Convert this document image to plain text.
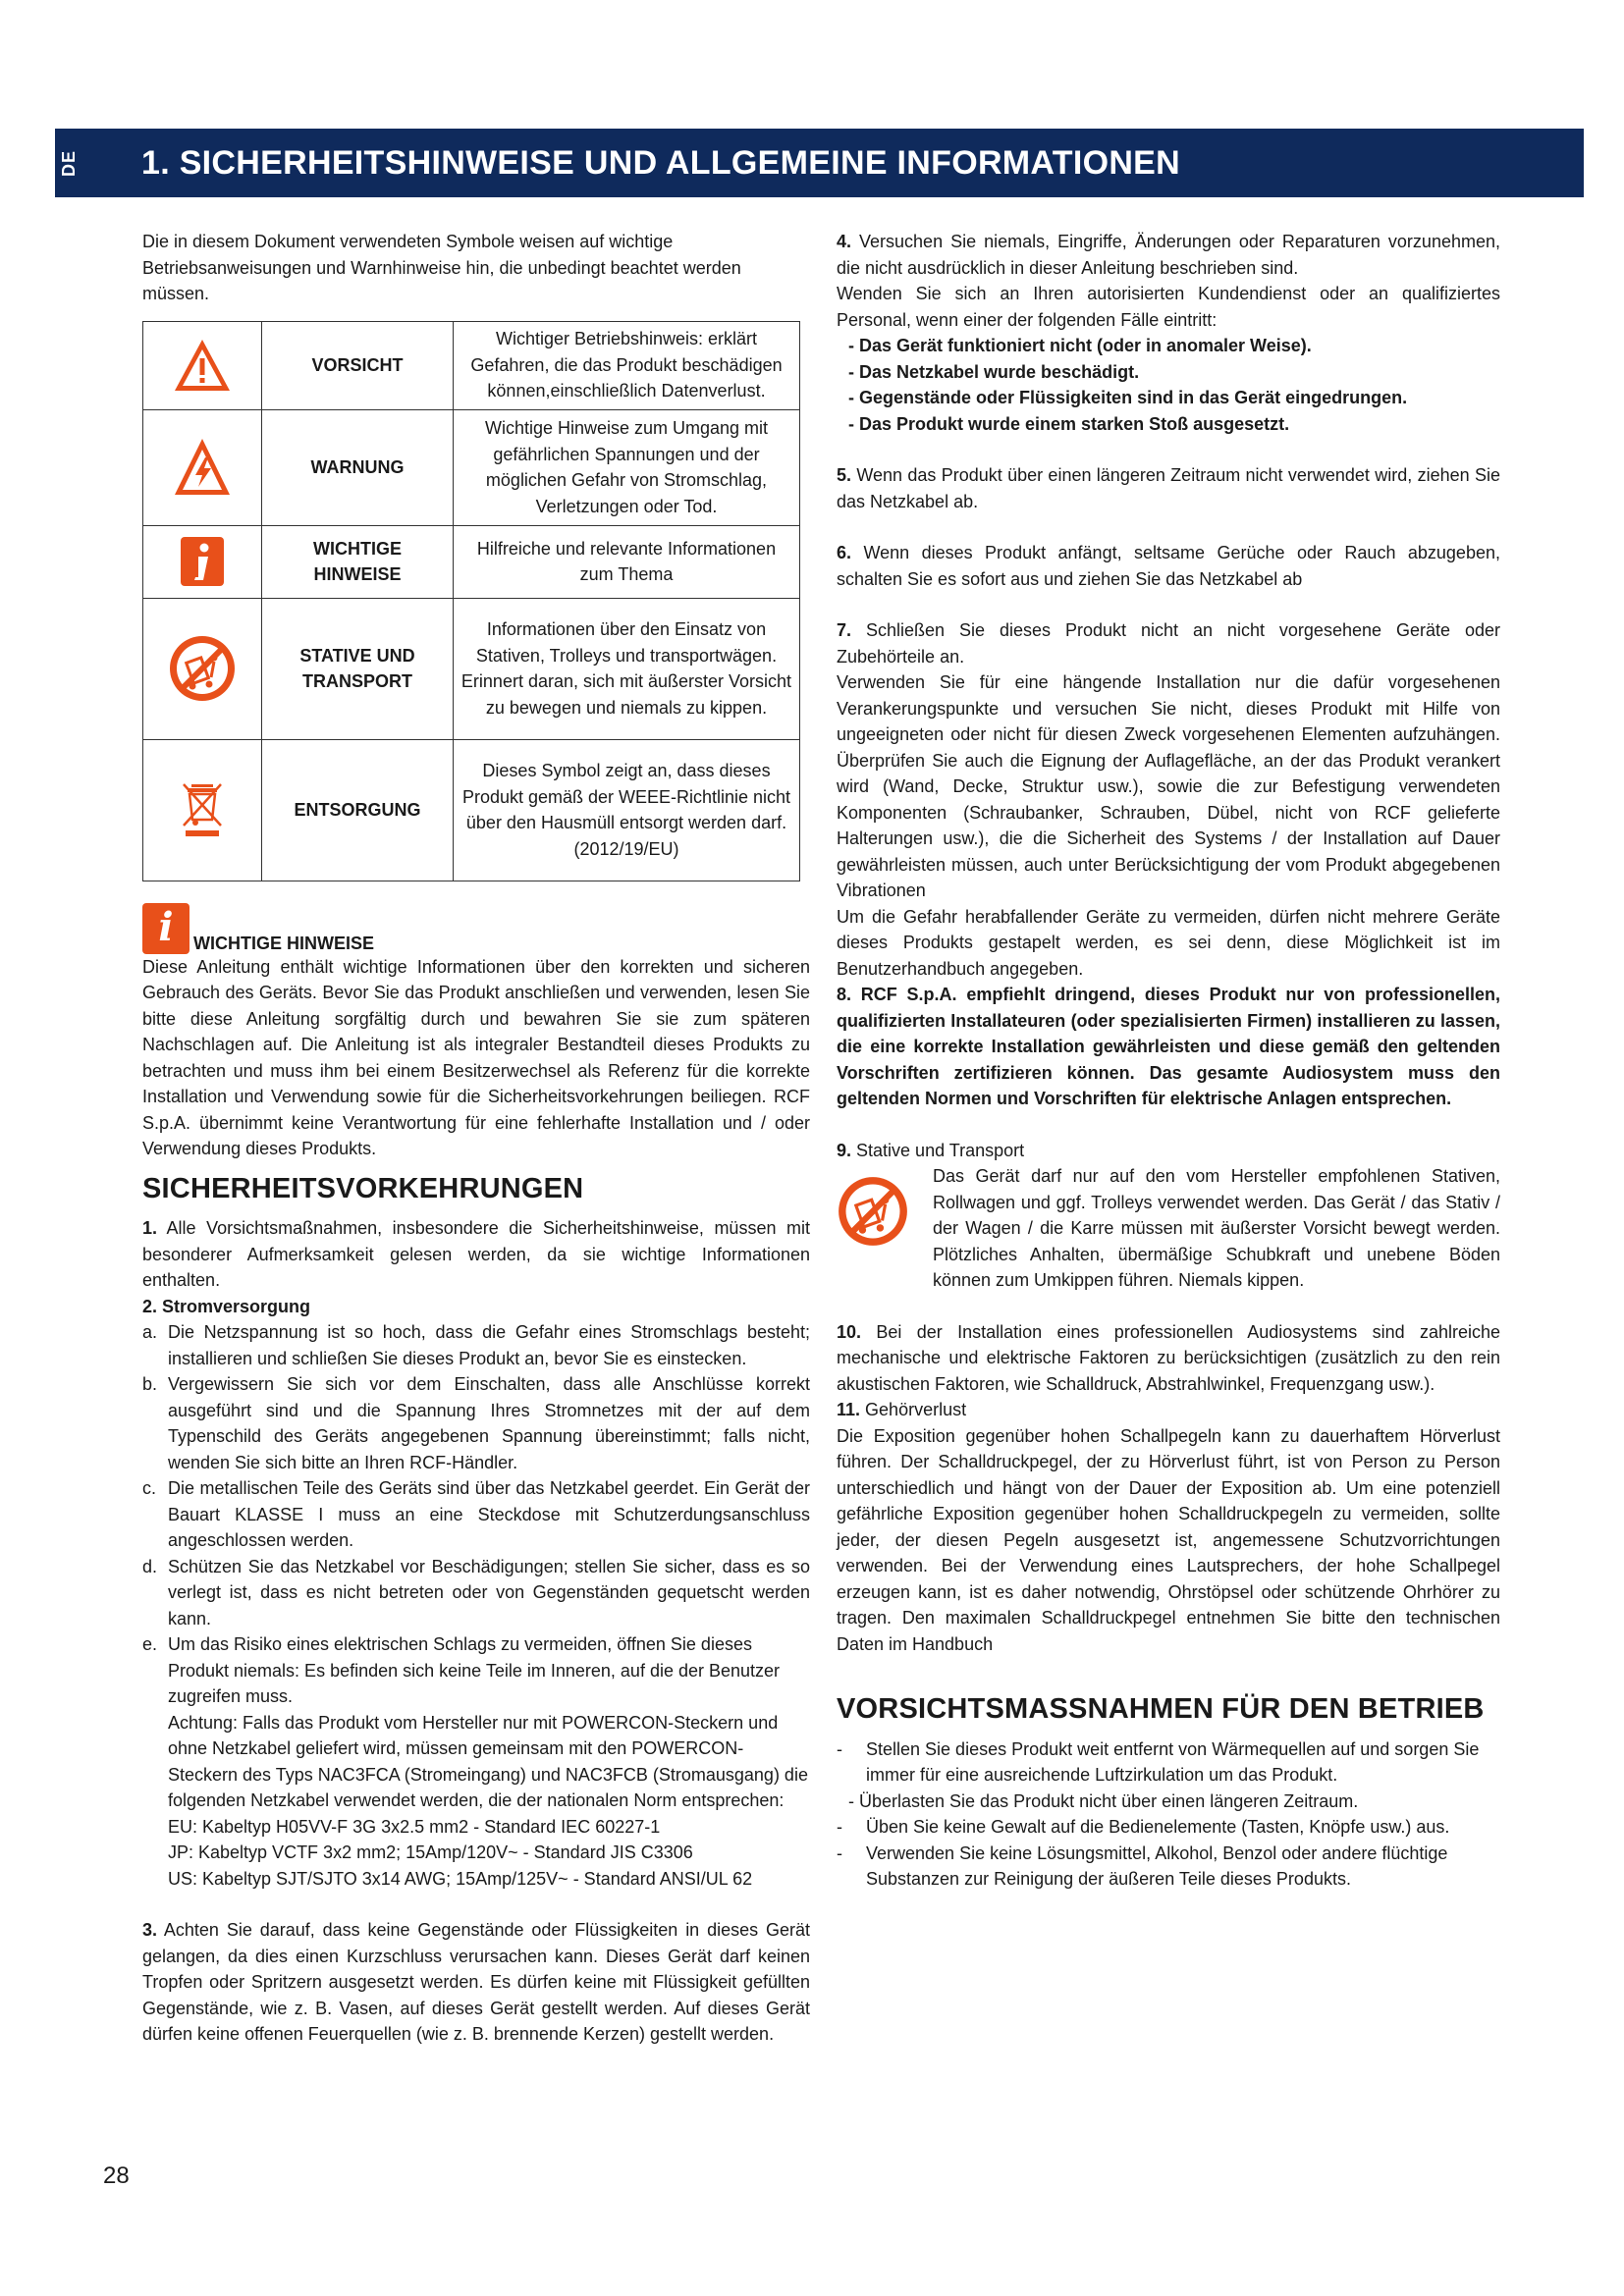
DE 1. SICHERHEITSHINWEISE UND ALLGEMEINE INFORMATIONEN

Die in diesem Dokument verwendeten Symbole weisen auf wichtige Betriebsanweisungen und Warnhinweise hin, die unbedingt beachtet werden müssen.

	VORSICHT	Wichtiger Betriebshinweis: erklärt Gefahren, die das Produkt beschädigen können,einschließlich Datenverlust.

	WARNUNG	Wichtige Hinweise zum Umgang mit gefährlichen Spannungen und der möglichen Gefahr von Stromschlag, Verletzungen oder Tod.

	WICHTIGE HINWEISE	Hilfreiche und relevante Informationen zum Thema

	STATIVE UND TRANSPORT	Informationen über den Einsatz von Stativen, Trolleys und transportwägen. Erinnert daran, sich mit äußerster Vorsicht zu bewegen und niemals zu kippen.

	ENTSORGUNG	Dieses Symbol zeigt an, dass dieses Produkt gemäß der WEEE-Richtlinie nicht über den Hausmüll entsorgt werden darf. (2012/19/EU)
i	WICHTIGE HINWEISE

Diese Anleitung enthält wichtige Informationen über den korrekten und sicheren Gebrauch des Geräts. Bevor Sie das Produkt anschließen und verwenden, lesen Sie bitte diese Anleitung sorgfältig durch und bewahren Sie sie zum späteren Nachschlagen auf. Die Anleitung ist als integraler Bestandteil dieses Produkts zu betrachten und muss ihm bei einem Besitzerwechsel als Referenz für die korrekte Installation und Verwendung sowie für die Sicherheitsvorkehrungen beiliegen. RCF S.p.A. übernimmt keine Verantwortung für eine fehlerhafte Installation und / oder Verwendung dieses Produkts.

SICHERHEITSVORKEHRUNGEN

1. Alle Vorsichtsmaßnahmen, insbesondere die Sicherheitshinweise, müssen mit besonderer Aufmerksamkeit gelesen werden, da sie wichtige Informationen enthalten.

2. Stromversorgung

a. Die Netzspannung ist so hoch, dass die Gefahr eines Stromschlags besteht; installieren und schließen Sie dieses Produkt an, bevor Sie es einstecken.
b. Vergewissern Sie sich vor dem Einschalten, dass alle Anschlüsse korrekt ausgeführt sind und die Spannung Ihres Stromnetzes mit der auf dem Typenschild des Geräts angegebenen Spannung übereinstimmt; falls nicht, wenden Sie sich bitte an Ihren RCF-Händler.
c. Die metallischen Teile des Geräts sind über das Netzkabel geerdet. Ein Gerät der Bauart KLASSE I muss an eine Steckdose mit Schutzerdungsanschluss angeschlossen werden.
d. Schützen Sie das Netzkabel vor Beschädigungen; stellen Sie sicher, dass es so verlegt ist, dass es nicht betreten oder von Gegenständen gequetscht werden kann.
e. Um das Risiko eines elektrischen Schlags zu vermeiden, öffnen Sie dieses Produkt niemals: Es befinden sich keine Teile im Inneren, auf die der Benutzer zugreifen muss.
Achtung: Falls das Produkt vom Hersteller nur mit POWERCON-Steckern und ohne Netzkabel geliefert wird, müssen gemeinsam mit den POWERCON-Steckern des Typs NAC3FCA (Stromeingang) und NAC3FCB (Stromausgang) die folgenden Netzkabel verwendet werden, die der nationalen Norm entsprechen:
EU: Kabeltyp H05VV-F 3G 3x2.5 mm2 - Standard IEC 60227-1
JP: Kabeltyp VCTF 3x2 mm2; 15Amp/120V~ - Standard JIS C3306
US: Kabeltyp SJT/SJTO 3x14 AWG; 15Amp/125V~ - Standard ANSI/UL 62

3. Achten Sie darauf, dass keine Gegenstände oder Flüssigkeiten in dieses Gerät gelangen, da dies einen Kurzschluss verursachen kann. Dieses Gerät darf keinen Tropfen oder Spritzern ausgesetzt werden. Es dürfen keine mit Flüssigkeit gefüllten Gegenstände, wie z. B. Vasen, auf dieses Gerät gestellt werden. Auf dieses Gerät dürfen keine offenen Feuerquellen (wie z. B. brennende Kerzen) gestellt werden.

4. Versuchen Sie niemals, Eingriffe, Änderungen oder Reparaturen vorzunehmen, die nicht ausdrücklich in dieser Anleitung beschrieben sind.

Wenden Sie sich an Ihren autorisierten Kundendienst oder an qualifiziertes Personal, wenn einer der folgenden Fälle eintritt:

- Das Gerät funktioniert nicht (oder in anomaler Weise).
- Das Netzkabel wurde beschädigt.
- Gegenstände oder Flüssigkeiten sind in das Gerät eingedrungen.
- Das Produkt wurde einem starken Stoß ausgesetzt.

5. Wenn das Produkt über einen längeren Zeitraum nicht verwendet wird, ziehen Sie das Netzkabel ab.

6. Wenn dieses Produkt anfängt, seltsame Gerüche oder Rauch abzugeben, schalten Sie es sofort aus und ziehen Sie das Netzkabel ab

7. Schließen Sie dieses Produkt nicht an nicht vorgesehene Geräte oder Zubehörteile an.

Verwenden Sie für eine hängende Installation nur die dafür vorgesehenen Verankerungspunkte und versuchen Sie nicht, dieses Produkt mit Hilfe von ungeeigneten oder nicht für diesen Zweck vorgesehenen Elementen aufzuhängen. Überprüfen Sie auch die Eignung der Auflagefläche, an der das Produkt verankert wird (Wand, Decke, Struktur usw.), sowie die zur Befestigung verwendeten Komponenten (Schraubanker, Schrauben, Dübel, nicht von RCF gelieferte Halterungen usw.), die die Sicherheit des Systems / der Installation auf Dauer gewährleisten müssen, auch unter Berücksichtigung der vom Produkt abgegebenen Vibrationen

Um die Gefahr herabfallender Geräte zu vermeiden, dürfen nicht mehrere Geräte dieses Produkts gestapelt werden, es sei denn, diese Möglichkeit ist im Benutzerhandbuch angegeben.

8. RCF S.p.A. empfiehlt dringend, dieses Produkt nur von professionellen, qualifizierten Installateuren (oder spezialisierten Firmen) installieren zu lassen, die eine korrekte Installation gewährleisten und diese gemäß den geltenden Vorschriften zertifizieren können. Das gesamte Audiosystem muss den geltenden Normen und Vorschriften für elektrische Anlagen entsprechen.

9. Stative und Transport

Das Gerät darf nur auf den vom Hersteller empfohlenen Stativen, Rollwagen und ggf. Trolleys verwendet werden. Das Gerät / das Stativ / der Wagen / die Karre müssen mit äußerster Vorsicht bewegt werden. Plötzliches Anhalten, übermäßige Schubkraft und unebene Böden können zum Umkippen führen. Niemals kippen.

10. Bei der Installation eines professionellen Audiosystems sind zahlreiche mechanische und elektrische Faktoren zu berücksichtigen (zusätzlich zu den rein akustischen Faktoren, wie Schalldruck, Abstrahlwinkel, Frequenzgang usw.).

11. Gehörverlust

Die Exposition gegenüber hohen Schallpegeln kann zu dauerhaftem Hörverlust führen. Der Schalldruckpegel, der zu Hörverlust führt, ist von Person zu Person unterschiedlich und hängt von der Dauer der Exposition ab. Um eine potenziell gefährliche Exposition gegenüber hohen Schalldruckpegeln zu vermeiden, sollte jeder, der diesen Pegeln ausgesetzt ist, angemessene Schutzvorrichtungen verwenden. Bei der Verwendung eines Lautsprechers, der hohe Schallpegel erzeugen kann, ist es daher notwendig, Ohrstöpsel oder schützende Ohrhörer zu tragen. Den maximalen Schalldruckpegel entnehmen Sie bitte den technischen Daten im Handbuch

VORSICHTSMASSNAHMEN FÜR DEN BETRIEB
-	Stellen Sie dieses Produkt weit entfernt von Wärmequellen auf und sorgen Sie immer für eine ausreichende Luftzirkulation um das Produkt.
- Überlasten Sie das Produkt nicht über einen längeren Zeitraum.
-	Üben Sie keine Gewalt auf die Bedienelemente (Tasten, Knöpfe usw.) aus.
-	Verwenden Sie keine Lösungsmittel, Alkohol, Benzol oder andere flüchtige Substanzen zur Reinigung der äußeren Teile dieses Produkts.
28
